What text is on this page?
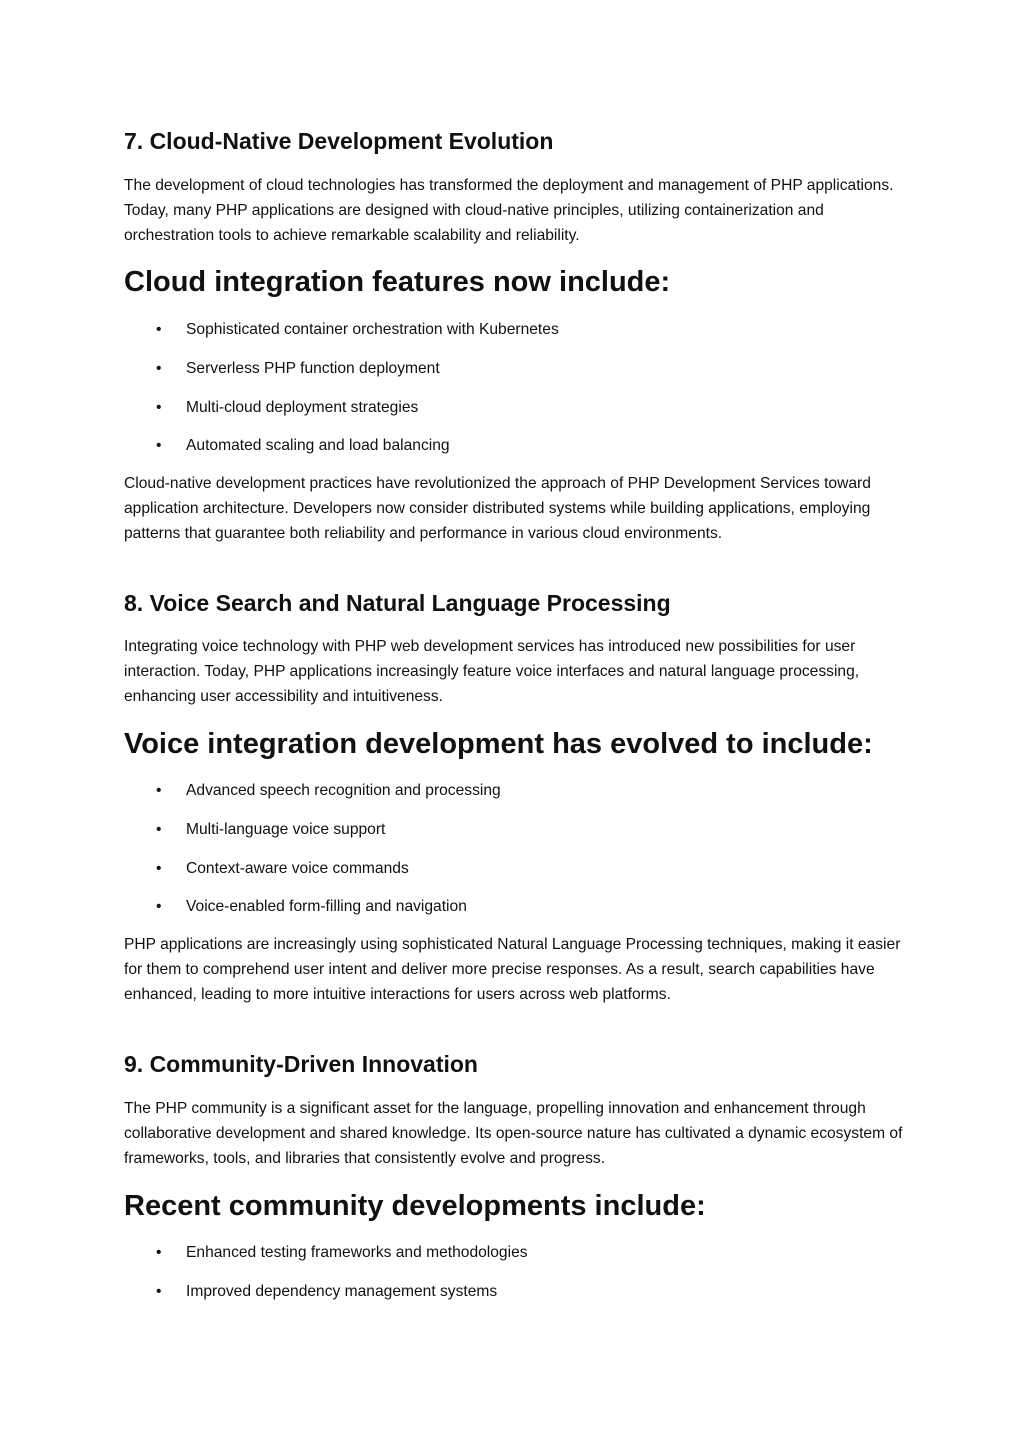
7. Cloud-Native Development Evolution

The development of cloud technologies has transformed the deployment and management of PHP applications. Today, many PHP applications are designed with cloud-native principles, utilizing containerization and orchestration tools to achieve remarkable scalability and reliability.

Cloud integration features now include:
• Sophisticated container orchestration with Kubernetes
• Serverless PHP function deployment
• Multi-cloud deployment strategies
• Automated scaling and load balancing

Cloud-native development practices have revolutionized the approach of PHP Development Services toward application architecture. Developers now consider distributed systems while building applications, employing patterns that guarantee both reliability and performance in various cloud environments.

8. Voice Search and Natural Language Processing

Integrating voice technology with PHP web development services has introduced new possibilities for user interaction. Today, PHP applications increasingly feature voice interfaces and natural language processing, enhancing user accessibility and intuitiveness.

Voice integration development has evolved to include:
• Advanced speech recognition and processing
• Multi-language voice support
• Context-aware voice commands
• Voice-enabled form-filling and navigation

PHP applications are increasingly using sophisticated Natural Language Processing techniques, making it easier for them to comprehend user intent and deliver more precise responses. As a result, search capabilities have enhanced, leading to more intuitive interactions for users across web platforms.

9. Community-Driven Innovation

The PHP community is a significant asset for the language, propelling innovation and enhancement through collaborative development and shared knowledge. Its open-source nature has cultivated a dynamic ecosystem of frameworks, tools, and libraries that consistently evolve and progress.

Recent community developments include:
• Enhanced testing frameworks and methodologies
• Improved dependency management systems
